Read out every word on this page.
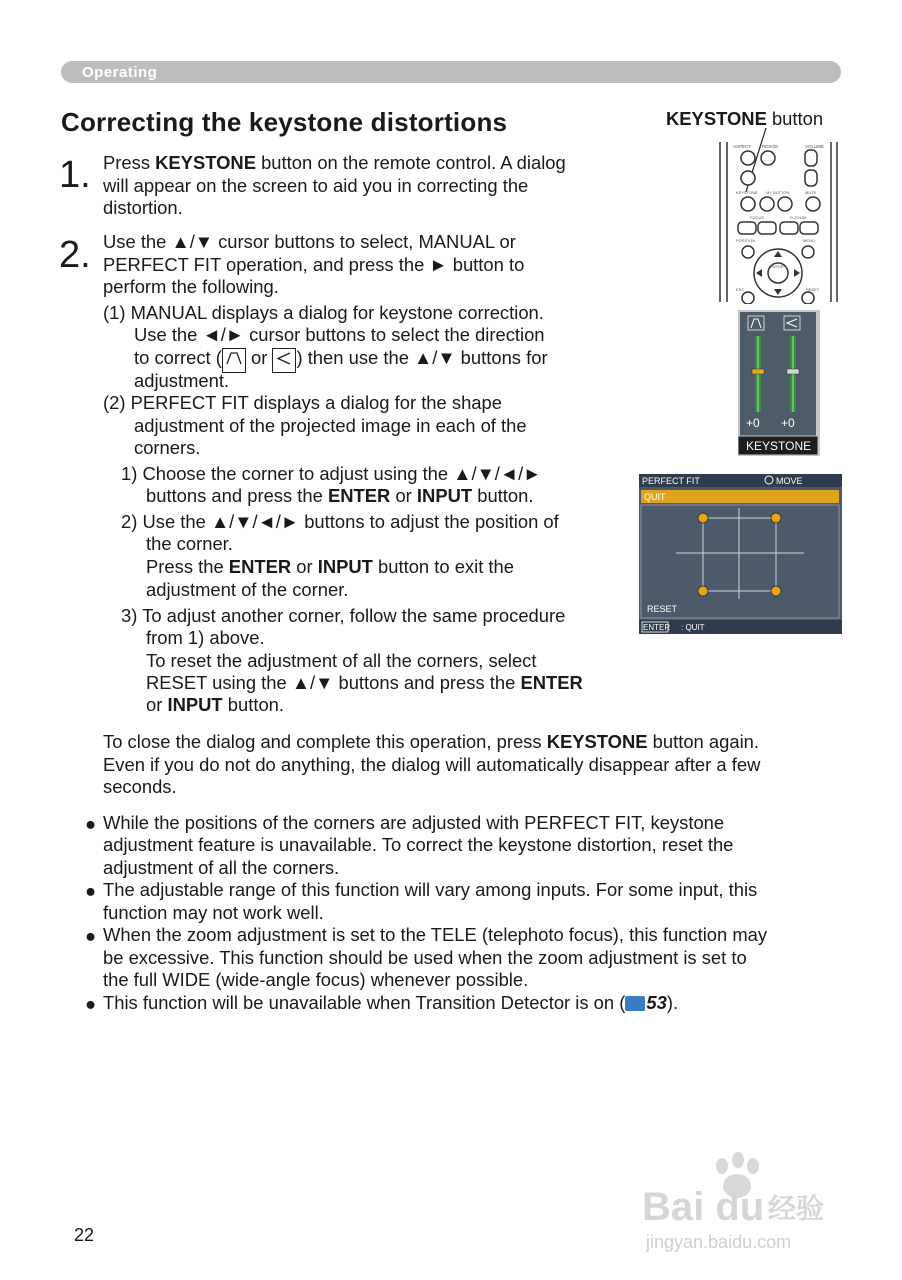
Operating
Correcting the keystone distortions
1. Press KEYSTONE button on the remote control. A dialog

will appear on the screen to aid you in correcting the

distortion.

2. Use the ▲/▼ cursor buttons to select, MANUAL or

PERFECT FIT operation, and press the ► button to

perform the following.

(1) MANUAL displays a dialog for keystone correction.

Use the ◄/► cursor buttons to select the direction

to correct ( or ) then use the ▲/▼ buttons for

adjustment.

(2) PERFECT FIT displays a dialog for the shape

adjustment of the projected image in each of the

corners.

1) Choose the corner to adjust using the ▲/▼/◄/►

buttons and press the ENTER or INPUT button.

2) Use the ▲/▼/◄/► buttons to adjust the position of

the corner.

Press the ENTER or INPUT button to exit the

adjustment of the corner.

3) To adjust another corner, follow the same procedure

from 1) above.

To reset the adjustment of all the corners, select

RESET using the ▲/▼ buttons and press the ENTER

or INPUT button.

To close the dialog and complete this operation, press KEYSTONE button again.

Even if you do not do anything, the dialog will automatically disappear after a few

seconds.

● While the positions of the corners are adjusted with PERFECT FIT, keystone

adjustment feature is unavailable. To correct the keystone distortion, reset the

adjustment of all the corners.

● The adjustable range of this function will vary among inputs. For some input, this

function may not work well.

● When the zoom adjustment is set to the TELE (telephoto focus), this function may

be excessive. This function should be used when the zoom adjustment is set to

the full WIDE (wide-angle focus) whenever possible.

● This function will be unavailable when Transition Detector is on ( 53).

KEYSTONE button
ASPECT RESIZE	VOLUME
KEYSTONE MY BUTTON	MUTE
FOCUS	D-ZOOM
POSITION	MENU
ENTER
ESC	RESET
+0 +0
KEYSTONE
PERFECT FIT	MOVE
QUIT
RESET
ENTER : QUIT
22
Bai du 经验
jingyan.baidu.com
